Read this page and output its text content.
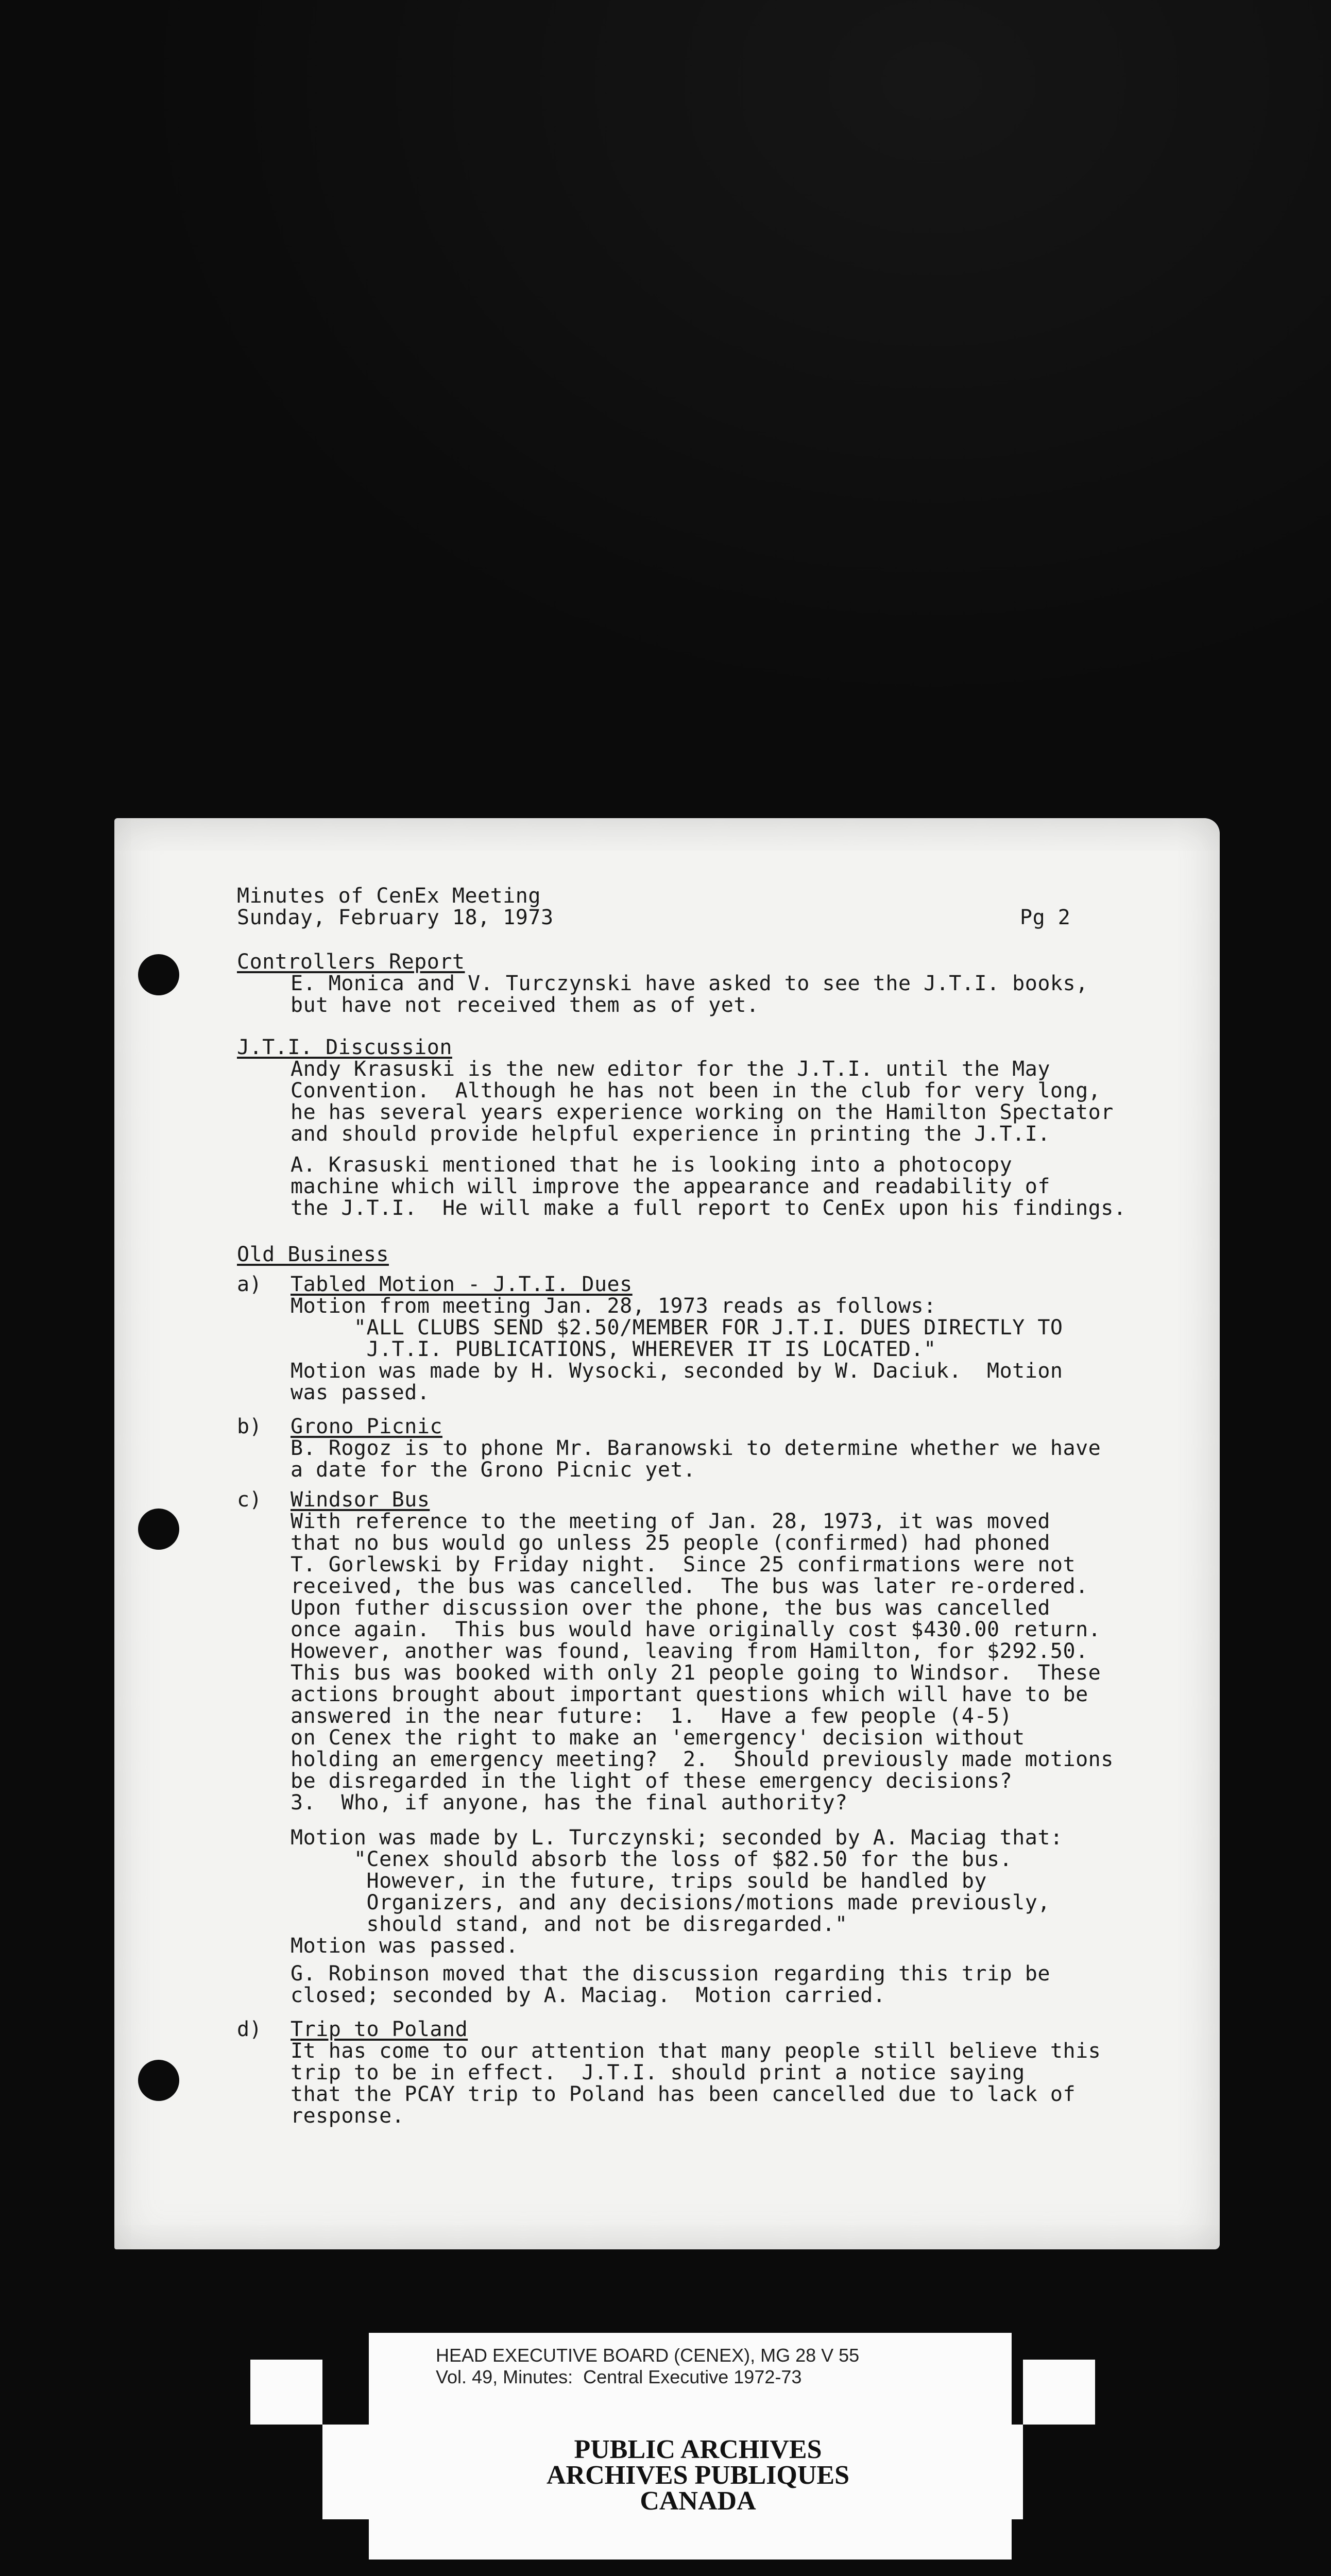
Minutes of CenEx Meeting
Sunday, February 18, 1973	Pg 2
Controllers Report
E. Monica and V. Turczynski have asked to see the J.T.I. books,
but have not received them as of yet.
J.T.I. Discussion
Andy Krasuski is the new editor for the J.T.I. until the May
Convention.  Although he has not been in the club for very long,
he has several years experience working on the Hamilton Spectator
and should provide helpful experience in printing the J.T.I.
A. Krasuski mentioned that he is looking into a photocopy
machine which will improve the appearance and readability of
the J.T.I.  He will make a full report to CenEx upon his findings.
Old Business
a) Tabled Motion - J.T.I. Dues
Motion from meeting Jan. 28, 1973 reads as follows:
"ALL CLUBS SEND $2.50/MEMBER FOR J.T.I. DUES DIRECTLY TO
J.T.I. PUBLICATIONS, WHEREVER IT IS LOCATED."
Motion was made by H. Wysocki, seconded by W. Daciuk.  Motion
was passed.
b) Grono Picnic
B. Rogoz is to phone Mr. Baranowski to determine whether we have
a date for the Grono Picnic yet.
c) Windsor Bus
With reference to the meeting of Jan. 28, 1973, it was moved
that no bus would go unless 25 people (confirmed) had phoned
T. Gorlewski by Friday night.  Since 25 confirmations were not
received, the bus was cancelled.  The bus was later re-ordered.
Upon futher discussion over the phone, the bus was cancelled
once again.  This bus would have originally cost $430.00 return.
However, another was found, leaving from Hamilton, for $292.50.
This bus was booked with only 21 people going to Windsor.  These
actions brought about important questions which will have to be
answered in the near future:  1.  Have a few people (4-5)
on Cenex the right to make an 'emergency' decision without
holding an emergency meeting?  2.  Should previously made motions
be disregarded in the light of these emergency decisions?
3.  Who, if anyone, has the final authority?
Motion was made by L. Turczynski; seconded by A. Maciag that:
"Cenex should absorb the loss of $82.50 for the bus.
However, in the future, trips sould be handled by
Organizers, and any decisions/motions made previously,
should stand, and not be disregarded."
Motion was passed.
G. Robinson moved that the discussion regarding this trip be
closed; seconded by A. Maciag.  Motion carried.
d) Trip to Poland
It has come to our attention that many people still believe this
trip to be in effect.  J.T.I. should print a notice saying
that the PCAY trip to Poland has been cancelled due to lack of
response.
HEAD EXECUTIVE BOARD (CENEX), MG 28 V 55
Vol. 49, Minutes:  Central Executive 1972-73
PUBLIC ARCHIVES
ARCHIVES PUBLIQUES
CANADA
